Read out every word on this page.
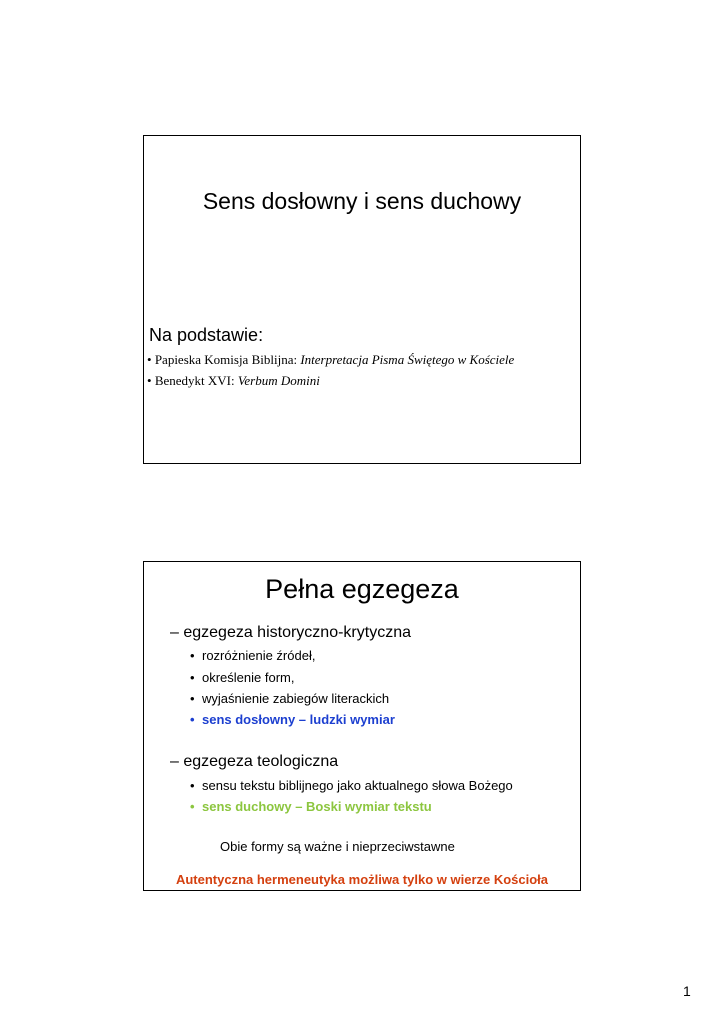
Sens dosłowny i sens duchowy
Na podstawie:
• Papieska Komisja Biblijna: Interpretacja Pisma Świętego w Kościele
• Benedykt XVI: Verbum Domini
Pełna egzegeza
– egzegeza historyczno-krytyczna
• rozróżnienie źródeł,
• określenie form,
• wyjaśnienie zabiegów literackich
• sens dosłowny – ludzki wymiar
– egzegeza teologiczna
• sensu tekstu biblijnego jako aktualnego słowa Bożego
• sens duchowy – Boski wymiar tekstu
Obie formy są ważne i nieprzeciwstawne
Autentyczna hermeneutyka możliwa tylko w wierze Kościoła
1
